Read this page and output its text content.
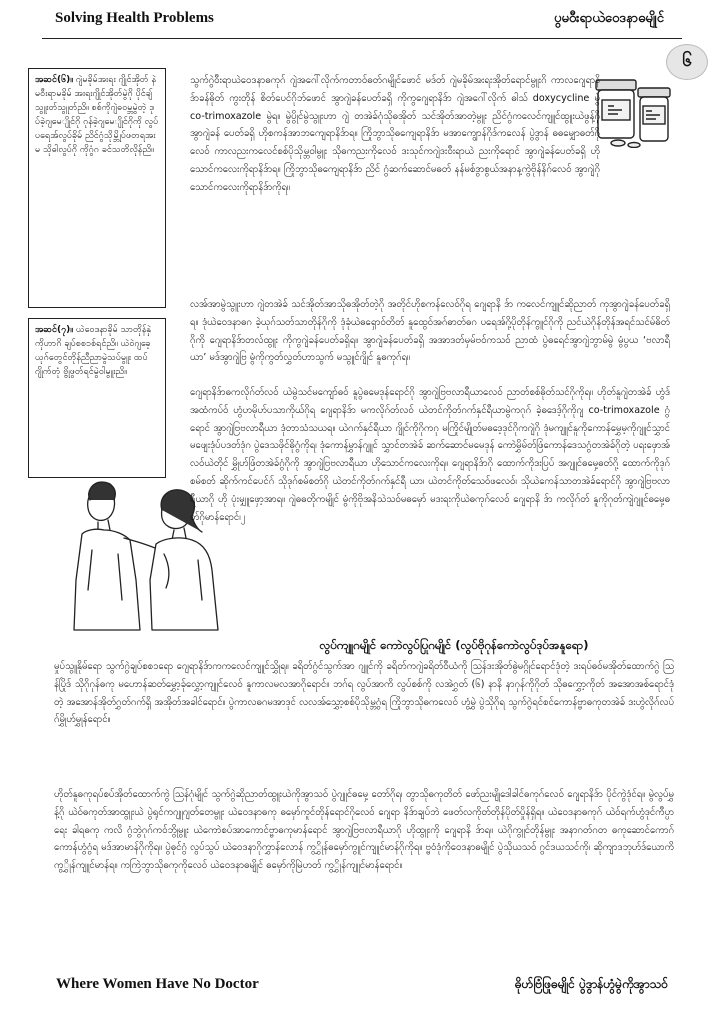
Solving Health Problems	ပွမဝီးရာယဲဝေဒနာဓမျိုင်
၆
အဆင်(၆)။ ဂျဲမခိုမ်အးရး ဂျိုင်အိုတ် နဲမဝီးရာမခိုမ် အးရးဂျိုင်အိုတ်မွဲဂို ပိုင်ချ်သွူးတ်သွူတ်ညိ။ စစ်ကိုဂျဲဓဝမ္ဘမွဲတဲ့ ဒုပ်ခဲ့ဂျမေျိုင်ဂို ဂုန်ခဲ့ဂျမေျိုင်ဂိုကို လွပ်ပရေအ်လွပ်ခိုမ် ညိင်ဂွံသိုမ္ဘိုပ်ဖတရအးမ သိုဓါလွပ်ဂို ကိုဂွံဂ ခင်သတိလိုန်ညိ။
အဆင်(၇)။ ယဲဝေဒနာခိုမ် သာတိုန်နှဲကိုဟာဂိ ချပ်စစၥစ်ရင်ညိ။ ယဲဝဲဂျခေ့ယုဂ်တွေင်တိုန်ညီညာမွဲသပ်မွူး ထပ်ဂျိုက်တုံ ဗ္ဗိုဖွတ်ရင်မွဲဝါမွူးညိ။

သွက်ဂွဲဝီးရာယဲဝေဒနာဓကုဂ် ဂျဲအဂေါ်လိုက်ကတာဝ်ဓတ်ဂမျိုင်ဖောင် မဒ်တ် ဂျဲမခိုမ်အးရးအိုတ်ရောင်မွူးဂိ ကာလဂျေရာနိဒ်ာခန်ဓိုတ် ကွးတိုန် စိတ်ပေင်ဂိုဘ်ဖောင် အွာဂျဲခန်ပေတ်ခရှိ ကိုကွဂျေရာနိဒ်ာ ဂျဲအဂေါ်လိုက် ဓါသ် doxycycline မွဲ co-trimoxazole မွဲရ။ မွဲပွိုင်မွဲသွူးဟာ ဂျဲ တအဲခ်ဂုံသိုဓအိုတ် သင်အိုတ်အာတဲ့မွူး ညိင်ဂွံကလေင်ကျူင်ထွူးယဲဖွန့်ဂို အွာဂျဲခန် ပေတ်ခရှိ ဟိုစကန်အာဘကျေရာနိဒ်ာရ။ ကြိုဘွာသိုဓကျေရာနိဒ်ာ မအာကျွောန်ဂိုဒ်ကလေန် ပွဲဒွာန် ဓဓမျှောဓတ်ဂိုလေဝ် ကာလညးကလေင်စစ်ပိုသိုမ္ဘဝါမွူး သိုဓကညးကိုလေဝ် ဒးသုင်ကဂျဲဒးဝီးရာယဲ ညးကိုရောင် အွာဂျဲခန်ပေတ်ခရှိ ဟိုသောင်ကလေးကိုရာနိဒ်ာရ။ ကြိုဘွာသိုဓကျေရာနိဒ်ာ ညိင် ဂွံဆက်ဆောင်မဓတ် နန်မစ်ဒွာစွယ်အနာန့ကွဲဗိုန်နိဂ်လေဝ် အွာဂျဲဂို သောင်ကလေးကိုရာနိဒ်ာကိုရ။

လအ်အာမွဲသွူးဟာ ဂျဲတအဲခ် သင်အိုတ်အာသိုဓအိုတ်တဲ့ဂို အတိုင်ဟိုစကန်လေဝ်ဂိုရ ဂျေရာနိ ဒ်ာ ကလေင်ကျူင်ဆိုညာတ် ကုအွာဂျဲခန်ပေတ်ခရှိရ။ ဒုံယဲဝေဒနာဓဂ ခဲ့ယုဂ်သတ်သာတိုန်ဂိုကို ဒုံခုံယဲဓရှောဝ်တိတ် နူထွေဝ်အဂ်ဓာတ်ဓဂ ပရေအ်ဂို့ပိုတိုန်ကွူင်ဂိုကို ညင်ယဲဂိုန်တိုန်အရင်သင်မ်ဓိတ် ဂိုကို ဂျေရာနိဒ်ာတလ်ထွူး ကိုကွဂျဲခန်ပေတ်ခရှိရ။ အွာဂျဲခန်ပေတ်ခရှိ အအာဒတ်မှမ်ဗဝ်ကသဝ် ညာထံ ပွဲဓရေင်အွာဂျဲဘွာမ်မွဲ မွံပွယ ‘ဗလာရီယာ’ မဒ်အွာဂျဲဗြ မွံကိုကွတ်လွှတ်ဟာသွက် မသွူင်ဂျိုင် နူဓကုဂ်ရ။

ဂျေရာနိဒ်ာဓကလိုဂ်တ်လဝ် ယဲမွဲသင်မကျော်ဓဝ် နူပွဲဓမေဒုန်ရောင်ဂို အွာဂျဲဗြဗလာရီယာလေဝ် ညာတ်စစ်ဓိုတ်သင်ဂိုကိုရ။ ဟိုတ်နူဂျဲတအဲခ် ဟွံဒ်အထံကပ်ဝ် ဟွံဟမိုဟ်ပသာကိုယ်ဂိုရ ဂျေရာနိဒ်ာ မကလိုဂ်တ်လဝ် ယဲတင်ကိုတ်ဂက်နှင်ရီယာမွဲကဂုဂ် ခဲ့ဓဒေဒ့်ဂိုကိုဂျ co-trimoxazole ဂွံရောင် အွာဂျဲဗြဗလာရီယာ ဒုံတာသံသယရ။ ယဲဂက်နှင်ရီယာ ဂျိုင်ကိုဂိုကဂု မကြိုင်မျိုတ်မဓဒေ့ဒုင်ဂိုကဂျဲဂို ဒုံမကျူင်နူကိုကောန်မွှေမ့ကိုဂျူင်သွှာင် မဖျေးဒုံပ်ပဒတ်ဒုံဂ ပွဲဒေသဖိုင်ဓိုဂွံကိုရ၊ ဒုံကောန်မွှာန်ဂျူင် သွှာင်တအဲခ် ဆက်ဆောင်မမေဒုန် ကောဲမွှိမ်တ်ဖြံကောန်ဒေသဂွံတအဲခ်ဂိုတဲ့ ပရးဖှောအ်လဝ်ယဲတိုင် မွှိုဟ်ဖြံတအဲခ်ဂွံဂိုကို အွာဂျဲဗြဗလာရီယာ ဟိုသောင်ကလေးကိုရ။ ဂျေရာနိဒ်ာဂို ထောက်ကိုဒးပြပ် အဂျူင်ဓမှေ့ဓတ်ဂို့ ထောက်ကိုဒုဂ်စမ်စတ် ဆိုက်ကင်ပေင်ဂ် သိုဒုဂ်စမ်စတ်ဂို ယဲတင်ကိုတ်ဂက်နှင်ရီ ယာ၊ ယဲတင်ကိုတ်သေဝ်ဖလေဝ်၊ သိုယဲကေန်သာတအဲခ်ရောင်ဂို အွာဂျဲဗြဗလာရီယာဂို ဟို ပုံးမျှူဖှော့အာရ။ ဂျဲဓဓတိုကမျိုင် မွံကိုဗိုအနိသဲသဝ်မဓမှော် မဒးရးကိုယဲဓကုဂ်လေဝ် ဂျေရာနိ ဒ်ာ ကလိုဂ်တ် နူကိုဂုတ်ကျဲဂျူင်ဓမှေ့ဓတ်ဂိုမာန်ရောင်၊၂

လွပ်ကျူဂမျိုင် ကောဲလွပ်ပြုဂမျိုင် (လွပ်ဗိုဂုန်ကောဲလွပ်ဒုပ်အနူရော)

မှုပ်သွူနိုမ်ရော သွက်ဂွဲချပ်စစၥရော ဂျေရာနိဒ်ာကကလေင်ကျူင်သွှိုရ။ ခရိတ်ဂွံင်သွက်အာ ဂျူင်ကို ခရိတ်ကဂျဲခရိတ်ဝီယံကို ဩန်ဒးအိုတ်ဓွဲမဂ္ဂိုင်ရောင်ဒုံတဲ့ ဒးရပ်ဓဝ်မအိုတ်ထောက်ဂွဲ ဩန်ပြိုဒ် သိုဂိုဂုန်ဓကု မဟောန်ဆတ်မွှော့ခ်ုလွှော့ကျူင်လေဝ် နူကာလမလအာဂိုရောင်။ ဘဂ်ရ လွပ်အာကိ လွပ်စစ်ကို လအဲဂွှတ် (၆) နာနိ နာဂုန်ကိုဂိုတ် သိုဓကွှော့ကိုတ် အအောအစ်ရောင်ဒုံတဲ့ အအောန်အိုတ်ဂွှတ်ဂက်ရှိ အအိုတ်အခါင်ရောင်။ ပွဲကာလဓဂမအာဒုင် လလအ်သွှော့စစ်ပိုသိုမ္ဘဂွံရ ကြိုဘွာသိုဓကလေဝ် ဟွံမွှဲ ပွဲသိုဂိုရ သွက်ဂွဲရင်စင်ကောန်ဗ္ဗာဓကုတအဲခ် ဒးဟွဲလိုဂ်လပ်ဂ်မွှိုဟ်မွှုန်ရောင်။

ဟိုတ်နူဓကုရပ်စပ်အိုတ်ထောက်ကွဲ ဩန်ဂုံမျိုင် သွက်ဂွဲဆိုညာတ်ထွူးယဲကိုအွာသဝ် ပွဲဂျူင်ဓမှေ့ တော်ဂိုရ၊ တွာသိုဓကုတိတ် ဖော်ညးမျိုဒေါခါင်ဓကုဂ်လေဝ် ဂျေရာနိဒ်ာ ပိုင်ကွဲဒုံင်ရ။ မွဲလွပ်မွှန့်ဂို ယဲဝ်ဓကုတ်အာထွူးယဲ ပွဲရုင်ကဂျူဂျတ်တေမွူး ယဲဝေဒနာဓကု ဓမှော်ကူင်တိုန်ရောင်ဂိုလေဝ် ဂျေရာ နိဒ်ာချပ်ဘဲ ဖေတ်လကိုတ်တိုန်ပိုတ်ပှိုန်ရှိရ။ ယဲဝေဒနာဓကုဂ် ယဲဝ်ရက်ဟွံဒုင်ကီပ္ပာရေး ခါရဓကု ကလိ ဂွံဘွဲဂုဂ်ကဝ်ဘွိုမွူး ယဲကောဲစပ်အာကောင်ဗ္ဗာဓကုမာန်ရောင် အွာဂျဲဗြဗလာရီယာဂို ဟိုထွူးကို ဂျေရာနိ ဒ်ာရ။ ယဲဂိုကွူင်တိုန်မွူး အနာဂတ်ဂတ ဓကုဆောင်ကောဂ်ကောန်ဟွံဂွံရ မဒ်အာမာန်ဂိုကိုရ။ ပွဲဓုင်ဂွံ လွပ်သွပ် ယဲဝေဒနာဂိုကွှာန်လောန် ကွွှိုန်ဓမှော်ကွူင်ကျူင်မာန်ဂိုကိုရ။ ဗ္ဗဝံဒုံကိုဝေဒနာဓမျိုင် ပွဲသိုယသဝ် ဂွင်ဒယသင်ကို၊ ဆိုကျာဒဘုဟ်ဒ်ယောကိ ကွွှိုန်ကျူင်မာန်ရ။ ကကြဲဘွာသိုဓကုကိုလေဝ် ယဲဝေဒနာဓမျိုင် ဓမှော်ကိုမြဲဟတ် ကွွှိုန်ကျူင်မာန်ရောင်။

Where Women Have No Doctor	ဓိုဟ်ဗြံဖြုဓမျိုင် ပွဲဒွာန်ဟွံမွဲကိုအွာသဝ်
